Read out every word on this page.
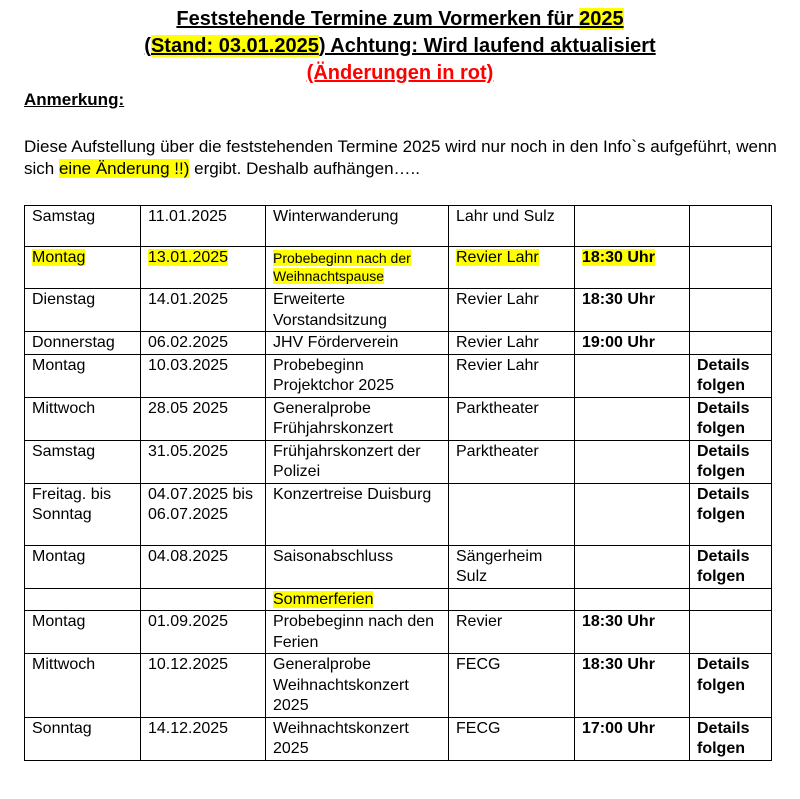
Feststehende Termine zum Vormerken für 2025
(Stand: 03.01.2025) Achtung: Wird laufend aktualisiert
(Änderungen in rot)
Anmerkung:
Diese Aufstellung über die feststehenden Termine 2025 wird nur noch in den Info`s aufgeführt, wenn sich eine Änderung !!) ergibt. Deshalb aufhängen…..
Samstag	11.01.2025	Winterwanderung	Lahr und Sulz		
Montag	13.01.2025	Probebeginn nach der Weihnachtspause	Revier Lahr	18:30 Uhr	
Dienstag	14.01.2025	Erweiterte Vorstandsitzung	Revier Lahr	18:30 Uhr	
Donnerstag	06.02.2025	JHV Förderverein	Revier Lahr	19:00 Uhr	
Montag	10.03.2025	Probebeginn Projektchor 2025	Revier Lahr		Details folgen
Mittwoch	28.05 2025	Generalprobe Frühjahrskonzert	Parktheater		Details folgen
Samstag	31.05.2025	Frühjahrskonzert der Polizei	Parktheater		Details folgen
Freitag. bis Sonntag	04.07.2025 bis 06.07.2025	Konzertreise Duisburg			Details folgen
Montag	04.08.2025	Saisonabschluss	Sängerheim Sulz		Details folgen
		Sommerferien			
Montag	01.09.2025	Probebeginn nach den Ferien	Revier	18:30 Uhr	
Mittwoch	10.12.2025	Generalprobe Weihnachtskonzert 2025	FECG	18:30 Uhr	Details folgen
Sonntag	14.12.2025	Weihnachtskonzert 2025	FECG	17:00 Uhr	Details folgen
